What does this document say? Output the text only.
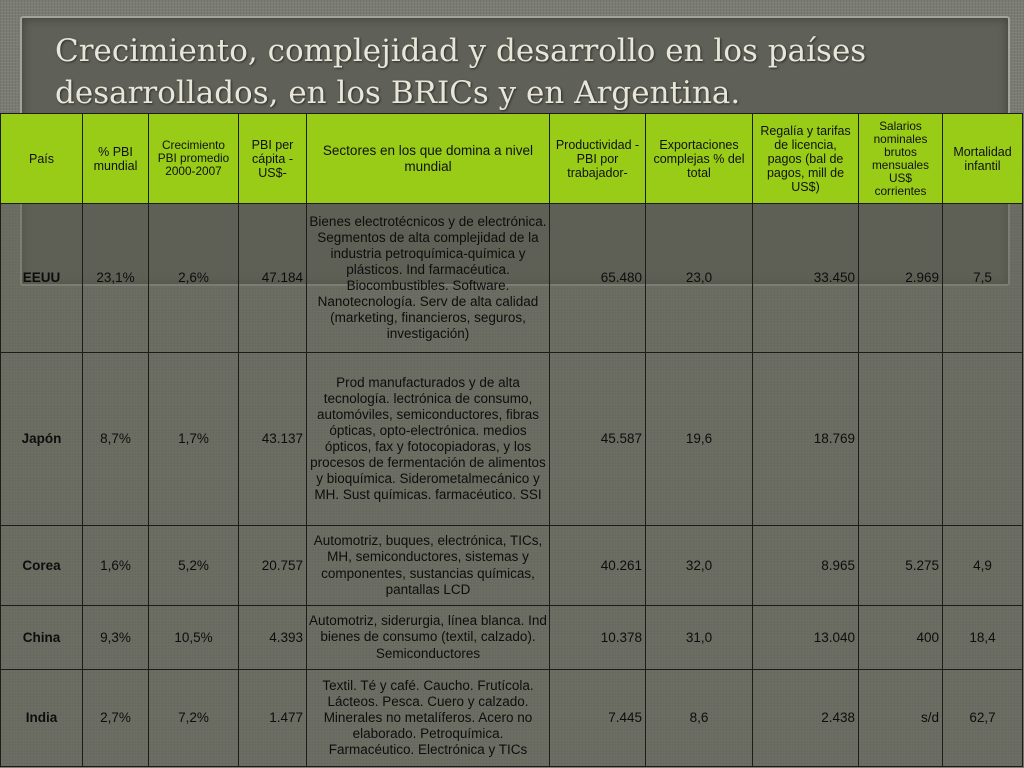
Crecimiento, complejidad y desarrollo en los países desarrollados, en los BRICs y en Argentina.
País	% PBI mundial	Crecimiento PBI promedio 2000-2007	PBI per cápita - US$-	Sectores en los que domina a nivel mundial	Productividad - PBI por trabajador-	Exportaciones complejas % del total	Regalía y tarifas de licencia, pagos (bal de pagos, mill de US$)	Salarios nominales brutos mensuales US$ corrientes	Mortalidad infantil
EEUU	23,1%	2,6%	47.184	Bienes electrotécnicos y de electrónica. Segmentos de alta complejidad de la industria petroquímica-química y plásticos. Ind farmacéutica. Biocombustibles. Software. Nanotecnología. Serv de alta calidad (marketing, financieros, seguros, investigación)	65.480	23,0	33.450	2.969	7,5
Japón	8,7%	1,7%	43.137	Prod manufacturados y de alta tecnología. lectrónica de consumo, automóviles, semiconductores, fibras ópticas, opto-electrónica. medios ópticos, fax y fotocopiadoras, y los procesos de fermentación de alimentos y bioquímica. Siderometalmecánico y MH. Sust químicas. farmacéutico. SSI	45.587	19,6	18.769		
Corea	1,6%	5,2%	20.757	Automotriz, buques, electrónica, TICs, MH, semiconductores, sistemas y componentes, sustancias químicas, pantallas LCD	40.261	32,0	8.965	5.275	4,9
China	9,3%	10,5%	4.393	Automotriz, siderurgia, línea blanca. Ind bienes de consumo (textil, calzado). Semiconductores	10.378	31,0	13.040	400	18,4
India	2,7%	7,2%	1.477	Textil. Té y café. Caucho. Frutícola. Lácteos. Pesca. Cuero y calzado. Minerales no metalíferos. Acero no elaborado. Petroquímica. Farmacéutico. Electrónica y TICs	7.445	8,6	2.438	s/d	62,7
